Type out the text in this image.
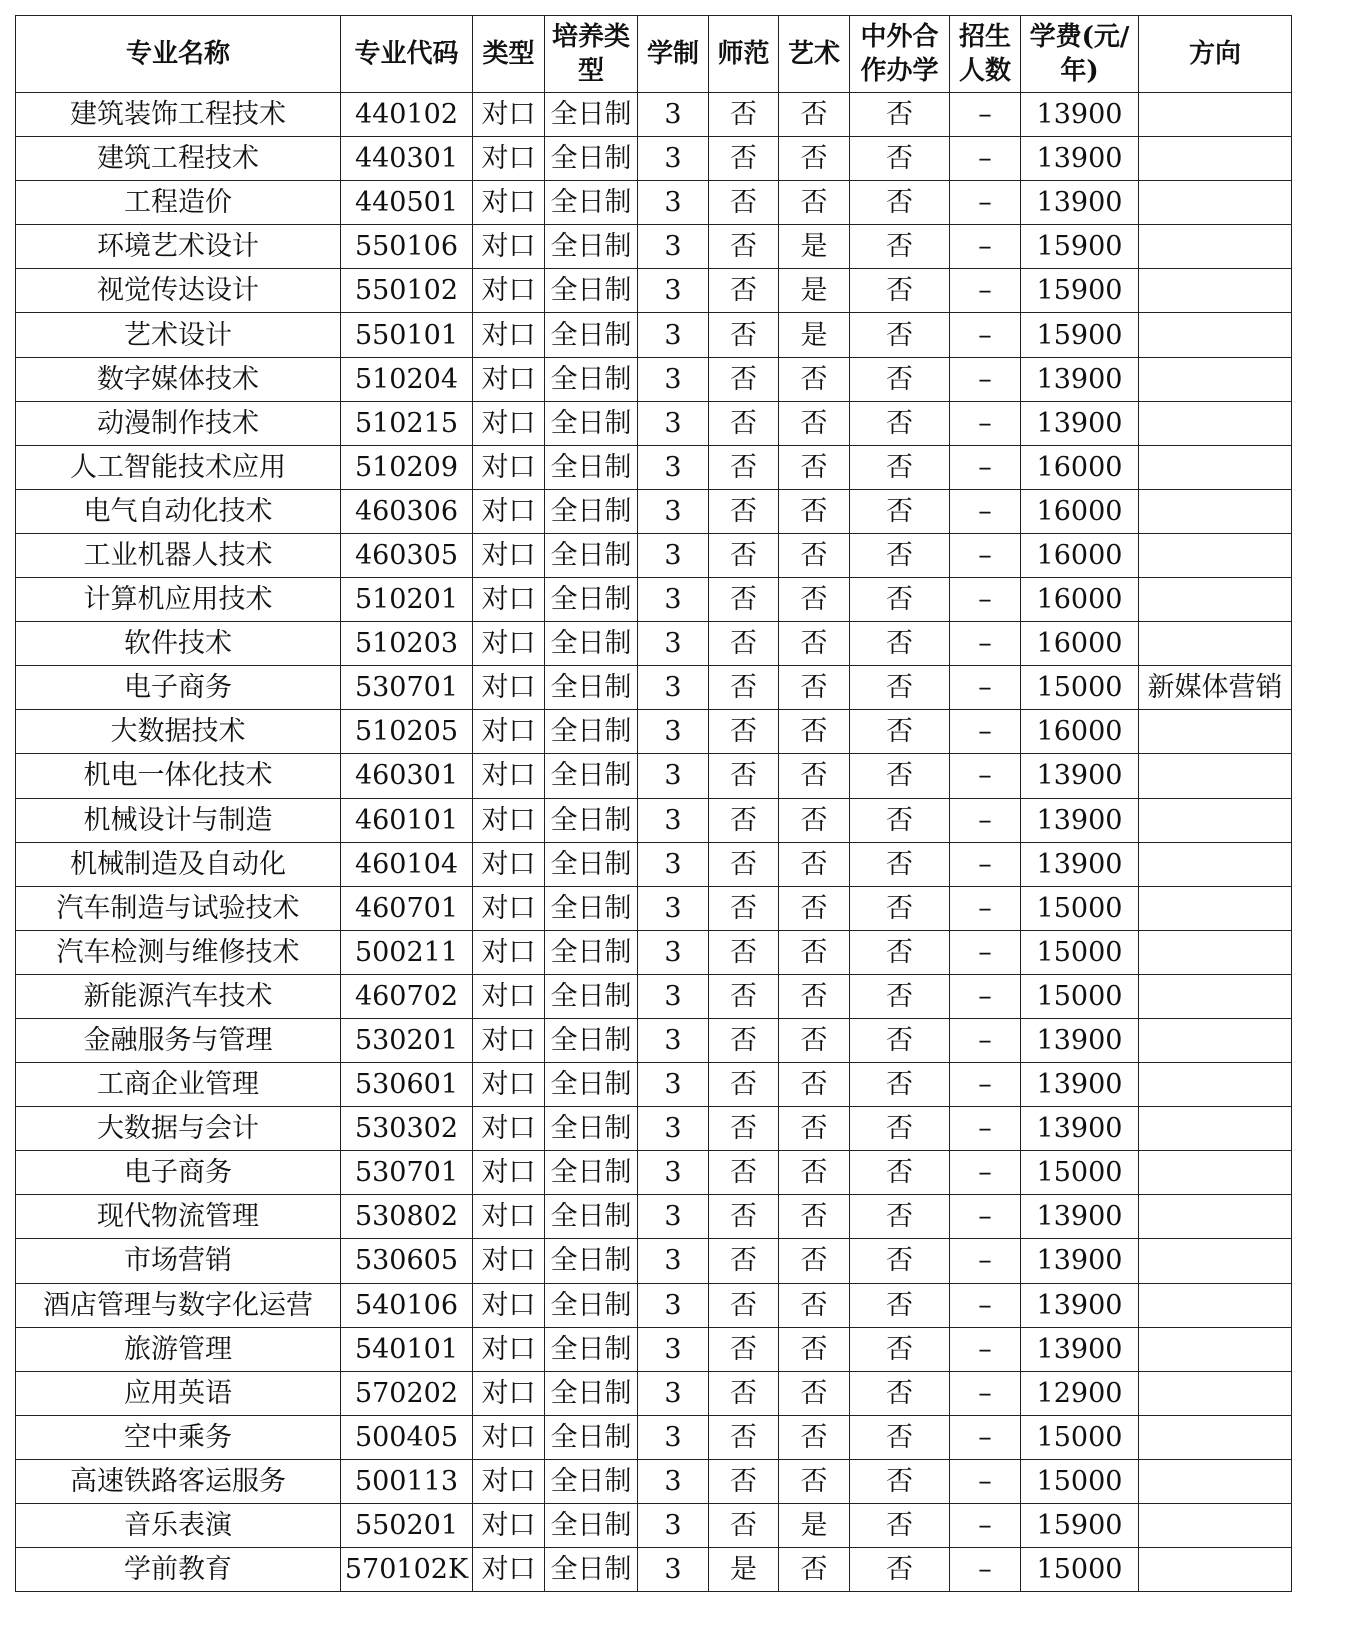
专业名称	专业代码	类型	培养类型	学制	师范	艺术	中外合作办学	招生人数	学费(元/年)	方向
建筑装饰工程技术	440102	对口	全日制	3	否	否	否	–	13900	
建筑工程技术	440301	对口	全日制	3	否	否	否	–	13900	
工程造价	440501	对口	全日制	3	否	否	否	–	13900	
环境艺术设计	550106	对口	全日制	3	否	是	否	–	15900	
视觉传达设计	550102	对口	全日制	3	否	是	否	–	15900	
艺术设计	550101	对口	全日制	3	否	是	否	–	15900	
数字媒体技术	510204	对口	全日制	3	否	否	否	–	13900	
动漫制作技术	510215	对口	全日制	3	否	否	否	–	13900	
人工智能技术应用	510209	对口	全日制	3	否	否	否	–	16000	
电气自动化技术	460306	对口	全日制	3	否	否	否	–	16000	
工业机器人技术	460305	对口	全日制	3	否	否	否	–	16000	
计算机应用技术	510201	对口	全日制	3	否	否	否	–	16000	
软件技术	510203	对口	全日制	3	否	否	否	–	16000	
电子商务	530701	对口	全日制	3	否	否	否	–	15000	新媒体营销
大数据技术	510205	对口	全日制	3	否	否	否	–	16000	
机电一体化技术	460301	对口	全日制	3	否	否	否	–	13900	
机械设计与制造	460101	对口	全日制	3	否	否	否	–	13900	
机械制造及自动化	460104	对口	全日制	3	否	否	否	–	13900	
汽车制造与试验技术	460701	对口	全日制	3	否	否	否	–	15000	
汽车检测与维修技术	500211	对口	全日制	3	否	否	否	–	15000	
新能源汽车技术	460702	对口	全日制	3	否	否	否	–	15000	
金融服务与管理	530201	对口	全日制	3	否	否	否	–	13900	
工商企业管理	530601	对口	全日制	3	否	否	否	–	13900	
大数据与会计	530302	对口	全日制	3	否	否	否	–	13900	
电子商务	530701	对口	全日制	3	否	否	否	–	15000	
现代物流管理	530802	对口	全日制	3	否	否	否	–	13900	
市场营销	530605	对口	全日制	3	否	否	否	–	13900	
酒店管理与数字化运营	540106	对口	全日制	3	否	否	否	–	13900	
旅游管理	540101	对口	全日制	3	否	否	否	–	13900	
应用英语	570202	对口	全日制	3	否	否	否	–	12900	
空中乘务	500405	对口	全日制	3	否	否	否	–	15000	
高速铁路客运服务	500113	对口	全日制	3	否	否	否	–	15000	
音乐表演	550201	对口	全日制	3	否	是	否	–	15900	
学前教育	570102K	对口	全日制	3	是	否	否	–	15000	
